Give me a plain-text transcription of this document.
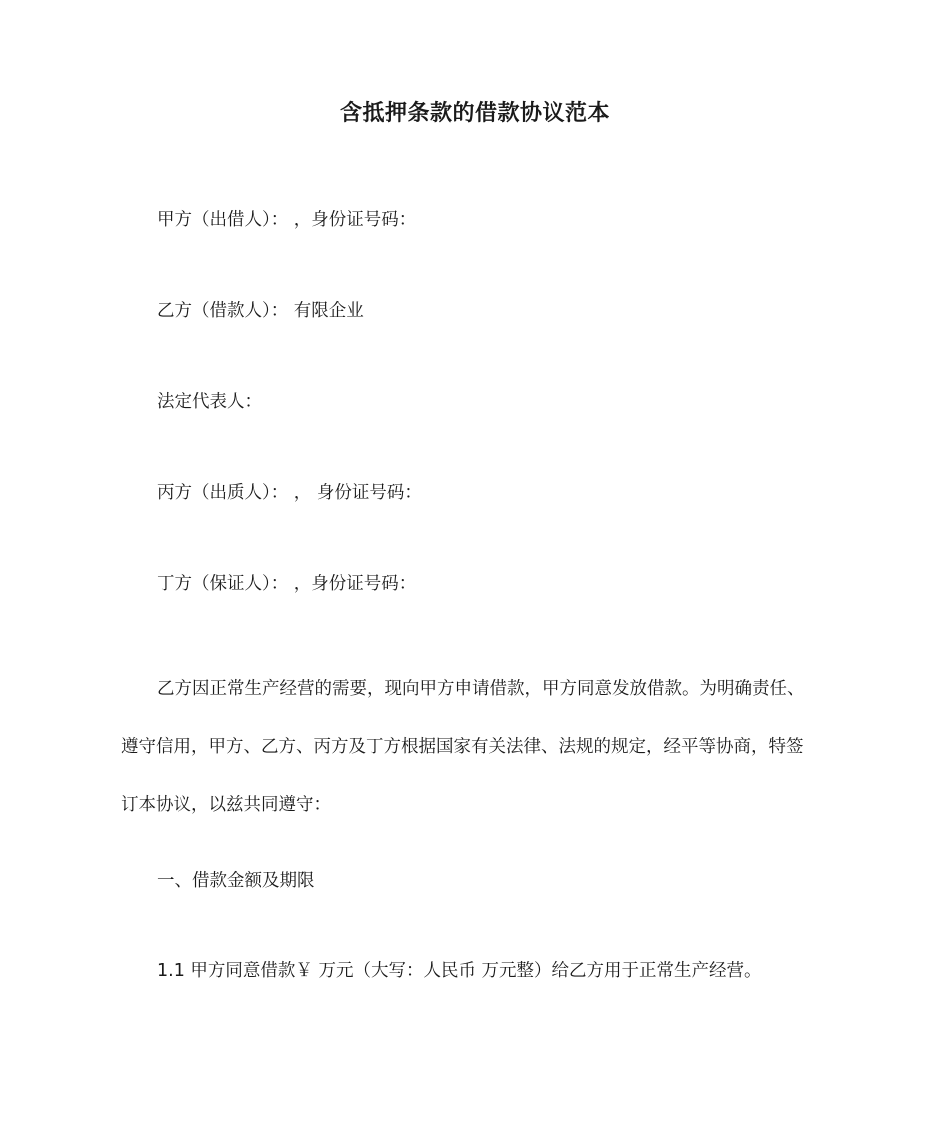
含抵押条款的借款协议范本
甲方（出借人）： ，身份证号码：
乙方（借款人）： 有限企业
法定代表人：
丙方（出质人）： ， 身份证号码：
丁方（保证人）： ，身份证号码：
乙方因正常生产经营的需要，现向甲方申请借款，甲方同意发放借款。为明确责任、
遵守信用，甲方、乙方、丙方及丁方根据国家有关法律、法规的规定，经平等协商，特签
订本协议，以兹共同遵守：
一、借款金额及期限
1.1 甲方同意借款￥ 万元（大写：人民币 万元整）给乙方用于正常生产经营。
